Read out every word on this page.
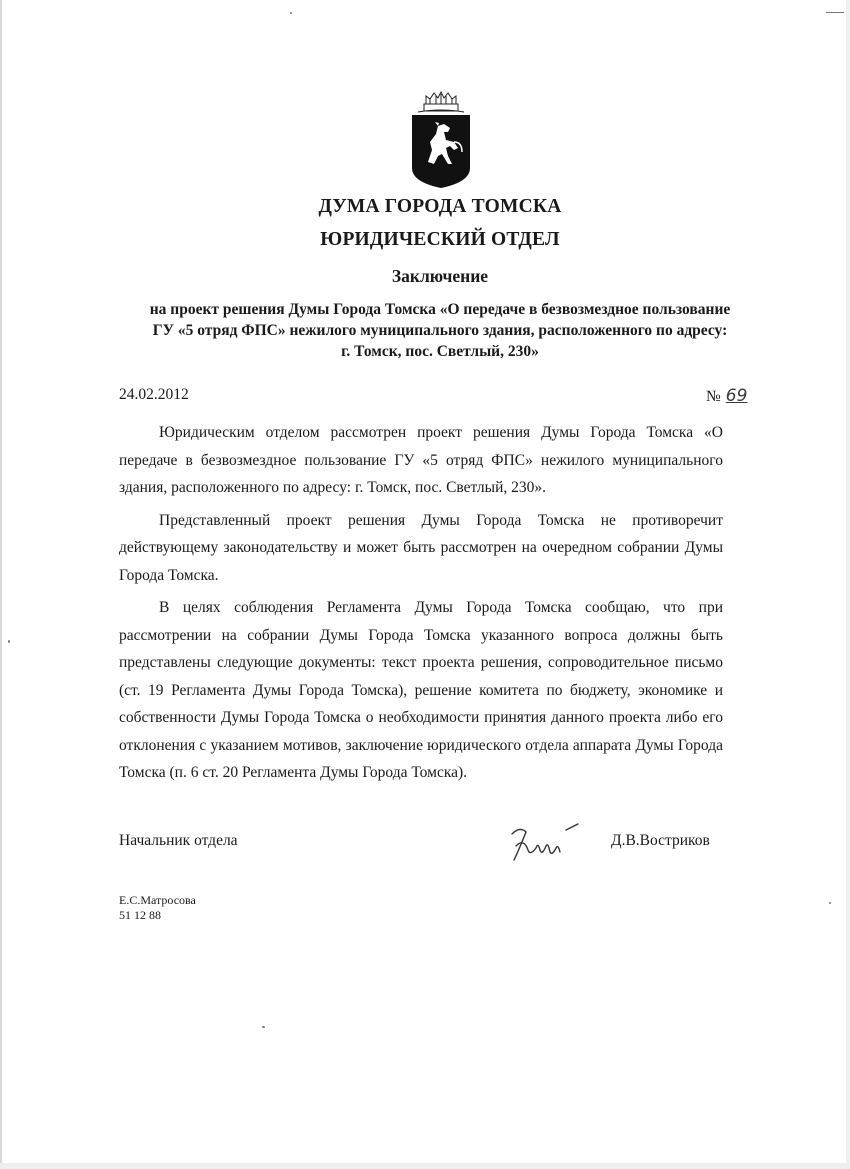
ДУМА ГОРОДА ТОМСКА
ЮРИДИЧЕСКИЙ ОТДЕЛ
Заключение
на проект решения Думы Города Томска «О передаче в безвозмездное пользование
ГУ «5 отряд ФПС» нежилого муниципального здания, расположенного по адресу:
г. Томск, пос. Светлый, 230»
24.02.2012	№ 69

Юридическим отделом рассмотрен проект решения Думы Города Томска «О передаче в безвозмездное пользование ГУ «5 отряд ФПС» нежилого муниципального здания, расположенного по адресу: г. Томск, пос. Светлый, 230».

Представленный проект решения Думы Города Томска не противоречит действующему законодательству и может быть рассмотрен на очередном собрании Думы Города Томска.

В целях соблюдения Регламента Думы Города Томска сообщаю, что при рассмотрении на собрании Думы Города Томска указанного вопроса должны быть представлены следующие документы: текст проекта решения, сопроводительное письмо (ст. 19 Регламента Думы Города Томска), решение комитета по бюджету, экономике и собственности Думы Города Томска о необходимости принятия данного проекта либо его отклонения с указанием мотивов, заключение юридического отдела аппарата Думы Города Томска (п. 6 ст. 20 Регламента Думы Города Томска).

Начальник отдела	Д.В.Востриков
Е.С.Матросова
51 12 88
